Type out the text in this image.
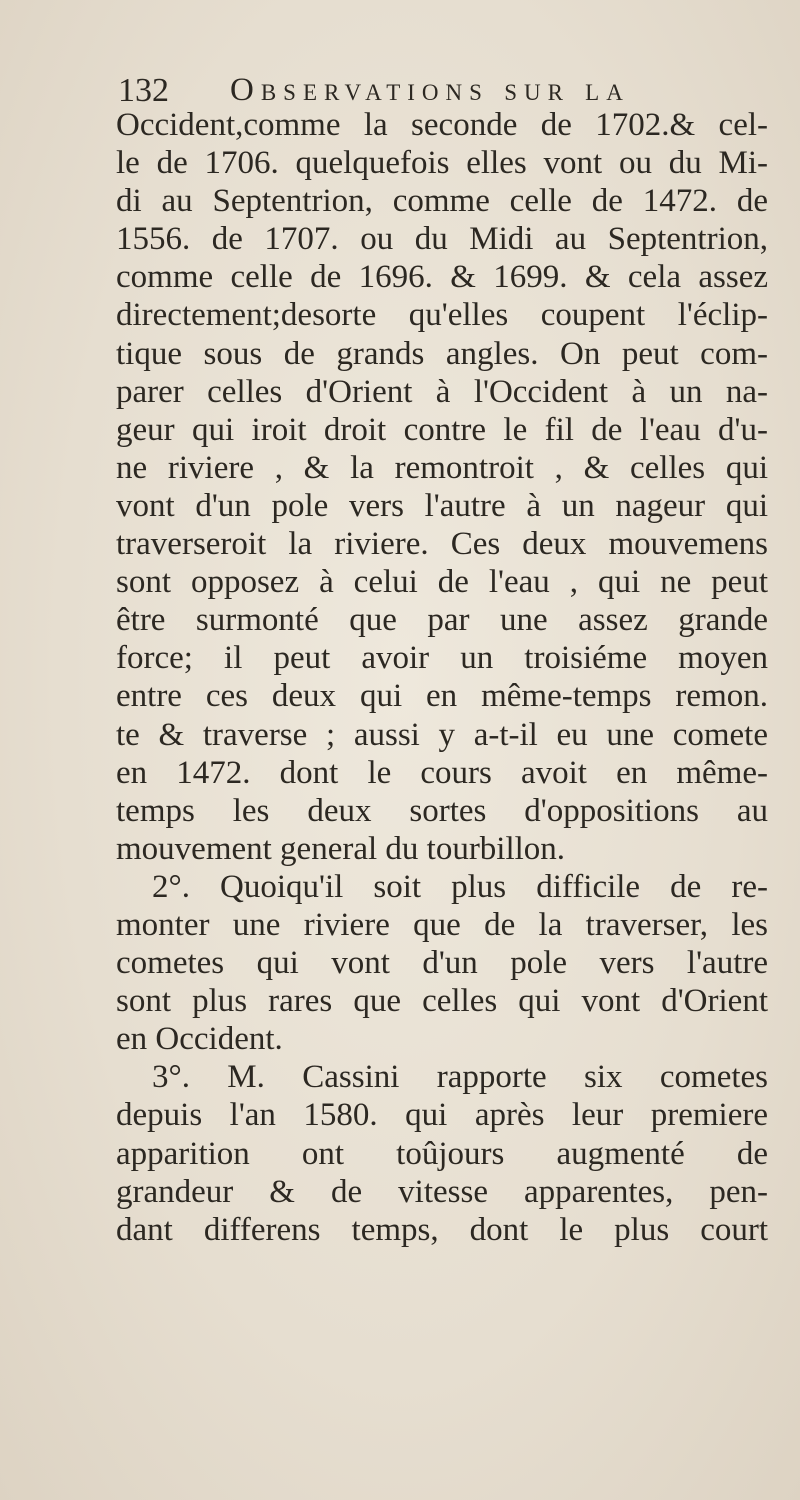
132 Observations sur la
Occident,comme la seconde de 1702.& cel-
le de 1706. quelquefois elles vont ou du Mi-
di au Septentrion, comme celle de 1472. de
1556. de 1707. ou du Midi au Septentrion,
comme celle de 1696. & 1699. & cela assez
directement;desorte qu'elles coupent l'éclip-
tique sous de grands angles. On peut com-
parer celles d'Orient à l'Occident à un na-
geur qui iroit droit contre le fil de l'eau d'u-
ne riviere , & la remontroit , & celles qui
vont d'un pole vers l'autre à un nageur qui
traverseroit la riviere. Ces deux mouvemens
sont opposez à celui de l'eau , qui ne peut
être surmonté que par une assez grande
force; il peut avoir un troisiéme moyen
entre ces deux qui en même-temps remon.
te & traverse ; aussi y a-t-il eu une comete
en 1472. dont le cours avoit en même-
temps les deux sortes d'oppositions au
mouvement general du tourbillon.
2°. Quoiqu'il soit plus difficile de re-
monter une riviere que de la traverser, les
cometes qui vont d'un pole vers l'autre
sont plus rares que celles qui vont d'Orient
en Occident.
3°. M. Cassini rapporte six cometes
depuis l'an 1580. qui après leur premiere
apparition ont toûjours augmenté de
grandeur & de vitesse apparentes, pen-
dant differens temps, dont le plus court
